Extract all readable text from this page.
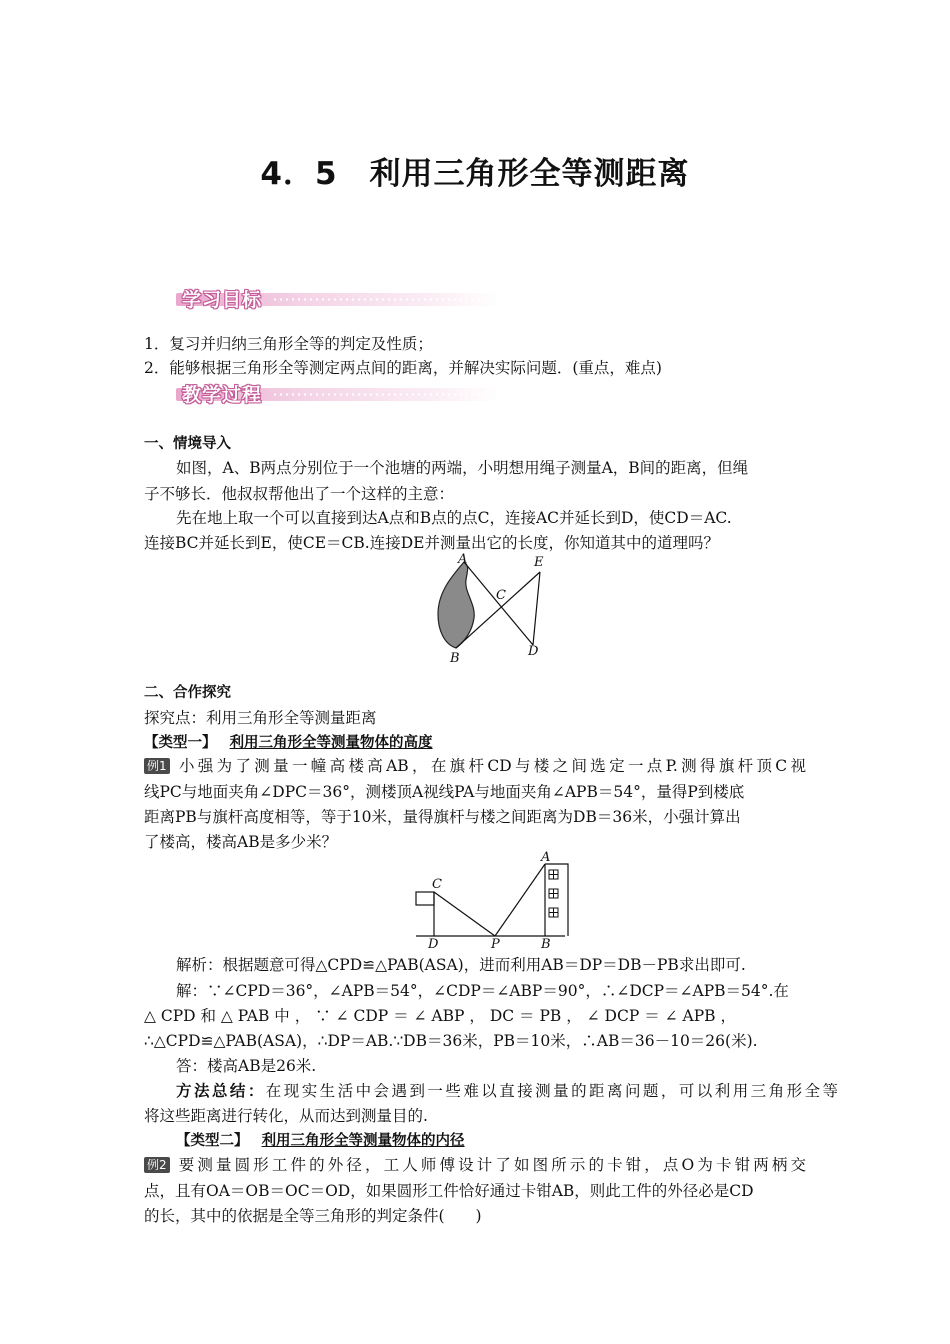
4．5　利用三角形全等测距离
学习目标
1．复习并归纳三角形全等的判定及性质；
2．能够根据三角形全等测定两点间的距离，并解决实际问题．(重点，难点)
教学过程
一、情境导入
如图，A、B两点分别位于一个池塘的两端，小明想用绳子测量A，B间的距离，但绳
子不够长．他叔叔帮他出了一个这样的主意：
先在地上取一个可以直接到达A点和B点的点C，连接AC并延长到D，使CD＝AC.
连接BC并延长到E，使CE＝CB.连接DE并测量出它的长度，你知道其中的道理吗？
A	E
C
B	D
二、合作探究
探究点：利用三角形全等测量距离
【类型一】 利用三角形全等测量物体的高度
例1 小强为了测量一幢高楼高AB，在旗杆CD与楼之间选定一点P.测得旗杆顶C视
线PC与地面夹角∠DPC＝36°，测楼顶A视线PA与地面夹角∠APB＝54°，量得P到楼底
距离PB与旗杆高度相等，等于10米，量得旗杆与楼之间距离为DB＝36米，小强计算出
了楼高，楼高AB是多少米？
A
C
D	P	B
解析：根据题意可得△CPD≌△PAB(ASA)，进而利用AB＝DP＝DB－PB求出即可.
解：∵∠CPD＝36°，∠APB＝54°，∠CDP＝∠ABP＝90°，∴∠DCP＝∠APB＝54°.在
△ CPD 和 △ PAB 中 ， ∵ ∠ CDP ＝ ∠ ABP ， DC ＝ PB ， ∠ DCP ＝ ∠ APB ，
∴△CPD≌△PAB(ASA)，∴DP＝AB.∵DB＝36米，PB＝10米，∴AB＝36－10＝26(米).
答：楼高AB是26米.
方法总结：在现实生活中会遇到一些难以直接测量的距离问题，可以利用三角形全等
将这些距离进行转化，从而达到测量目的.
【类型二】 利用三角形全等测量物体的内径
例2 要测量圆形工件的外径，工人师傅设计了如图所示的卡钳，点O为卡钳两柄交
点，且有OA＝OB＝OC＝OD，如果圆形工件恰好通过卡钳AB，则此工件的外径必是CD
的长，其中的依据是全等三角形的判定条件(　　)
